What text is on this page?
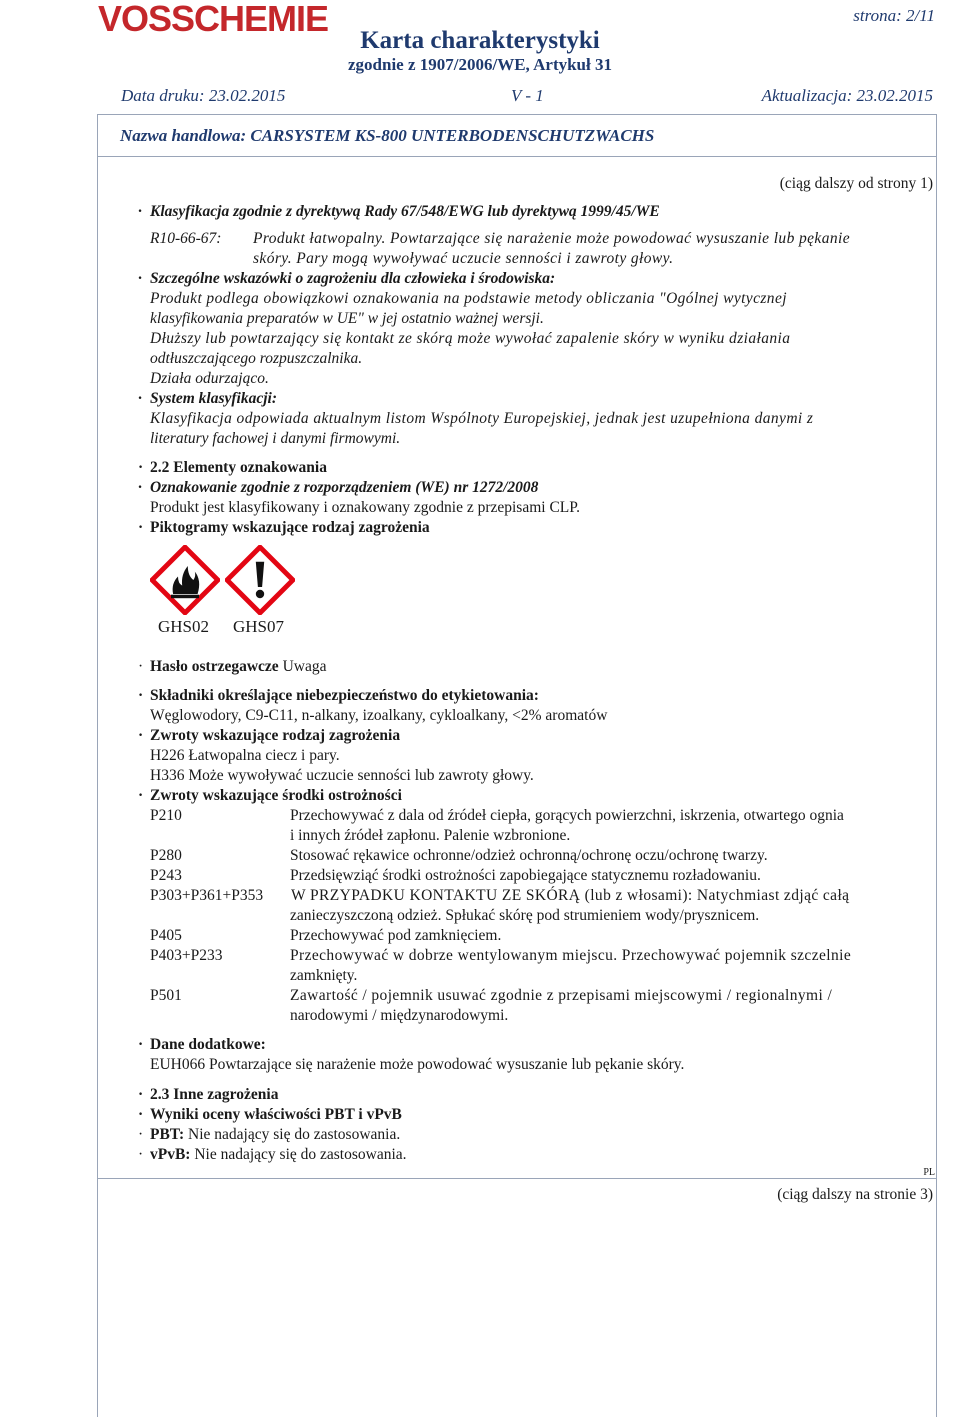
VOSSCHEMIE	strona: 2/11
Karta charakterystyki
zgodnie z 1907/2006/WE, Artykuł 31
Data druku: 23.02.2015	V - 1	Aktualizacja: 23.02.2015
Nazwa handlowa: CARSYSTEM KS-800 UNTERBODENSCHUTZWACHS
(ciąg dalszy od strony 1)
· Klasyfikacja zgodnie z dyrektywą Rady 67/548/EWG lub dyrektywą 1999/45/WE
R10-66-67: Produkt łatwopalny. Powtarzające się narażenie może powodować wysuszanie lub pękanie
skóry. Pary mogą wywoływać uczucie senności i zawroty głowy.
· Szczególne wskazówki o zagrożeniu dla człowieka i środowiska:
Produkt podlega obowiązkowi oznakowania na podstawie metody obliczania "Ogólnej wytycznej
klasyfikowania preparatów w UE" w jej ostatnio ważnej wersji.
Dłuższy lub powtarzający się kontakt ze skórą może wywołać zapalenie skóry w wyniku działania
odtłuszczającego rozpuszczalnika.
Działa odurzająco.
· System klasyfikacji:
Klasyfikacja odpowiada aktualnym listom Wspólnoty Europejskiej, jednak jest uzupełniona danymi z
literatury fachowej i danymi firmowymi.
· 2.2 Elementy oznakowania
· Oznakowanie zgodnie z rozporządzeniem (WE) nr 1272/2008
Produkt jest klasyfikowany i oznakowany zgodnie z przepisami CLP.
· Piktogramy wskazujące rodzaj zagrożenia
GHS02 GHS07
· Hasło ostrzegawcze Uwaga
· Składniki określające niebezpieczeństwo do etykietowania:
Węglowodory, C9-C11, n-alkany, izoalkany, cykloalkany, <2% aromatów
· Zwroty wskazujące rodzaj zagrożenia
H226 Łatwopalna ciecz i pary.
H336 Może wywoływać uczucie senności lub zawroty głowy.
· Zwroty wskazujące środki ostrożności
P210	Przechowywać z dala od źródeł ciepła, gorących powierzchni, iskrzenia, otwartego ognia
i innych źródeł zapłonu. Palenie wzbronione.
P280	Stosować rękawice ochronne/odzież ochronną/ochronę oczu/ochronę twarzy.
P243	Przedsięwziąć środki ostrożności zapobiegające statycznemu rozładowaniu.
P303+P361+P353 W PRZYPADKU KONTAKTU ZE SKÓRĄ (lub z włosami): Natychmiast zdjąć całą
zanieczyszczoną odzież. Spłukać skórę pod strumieniem wody/prysznicem.
P405	Przechowywać pod zamknięciem.
P403+P233	Przechowywać w dobrze wentylowanym miejscu. Przechowywać pojemnik szczelnie
zamknięty.
P501	Zawartość / pojemnik usuwać zgodnie z przepisami miejscowymi / regionalnymi /
narodowymi / międzynarodowymi.
· Dane dodatkowe:
EUH066 Powtarzające się narażenie może powodować wysuszanie lub pękanie skóry.
· 2.3 Inne zagrożenia
· Wyniki oceny właściwości PBT i vPvB
· PBT: Nie nadający się do zastosowania.
· vPvB: Nie nadający się do zastosowania.
PL
(ciąg dalszy na stronie 3)
